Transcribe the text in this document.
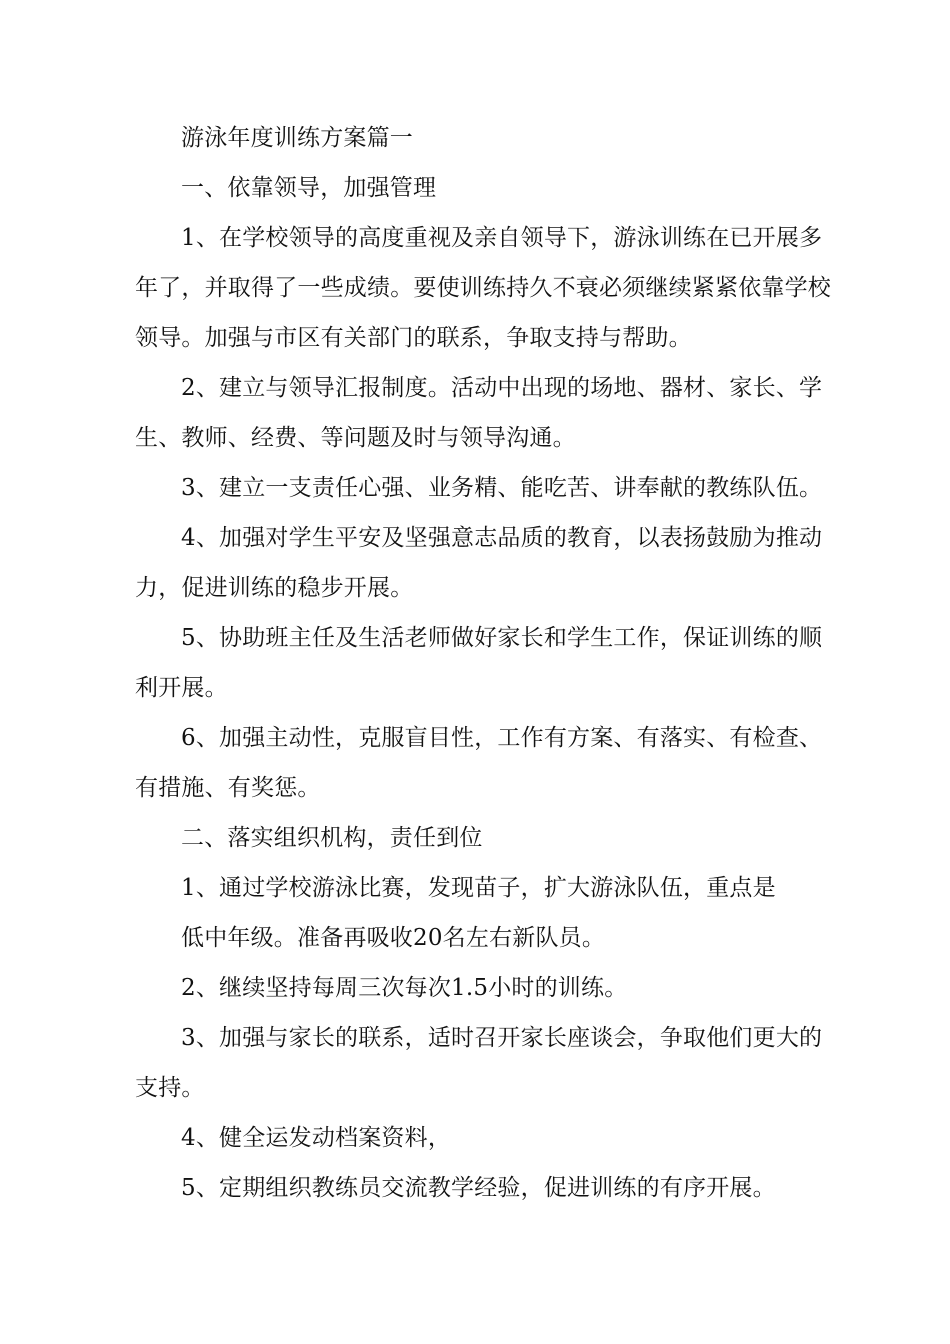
游泳年度训练方案篇一

一、依靠领导，加强管理

1、在学校领导的高度重视及亲自领导下，游泳训练在已开展多年了，并取得了一些成绩。要使训练持久不衰必须继续紧紧依靠学校领导。加强与市区有关部门的联系，争取支持与帮助。

2、建立与领导汇报制度。活动中出现的场地、器材、家长、学生、教师、经费、等问题及时与领导沟通。

3、建立一支责任心强、业务精、能吃苦、讲奉献的教练队伍。

4、加强对学生平安及坚强意志品质的教育，以表扬鼓励为推动力，促进训练的稳步开展。

5、协助班主任及生活老师做好家长和学生工作，保证训练的顺利开展。

6、加强主动性，克服盲目性，工作有方案、有落实、有检查、有措施、有奖惩。

二、落实组织机构，责任到位

1、通过学校游泳比赛，发现苗子，扩大游泳队伍，重点是

低中年级。准备再吸收20名左右新队员。

2、继续坚持每周三次每次1.5小时的训练。

3、加强与家长的联系，适时召开家长座谈会，争取他们更大的支持。

4、健全运发动档案资料，

5、定期组织教练员交流教学经验，促进训练的有序开展。
